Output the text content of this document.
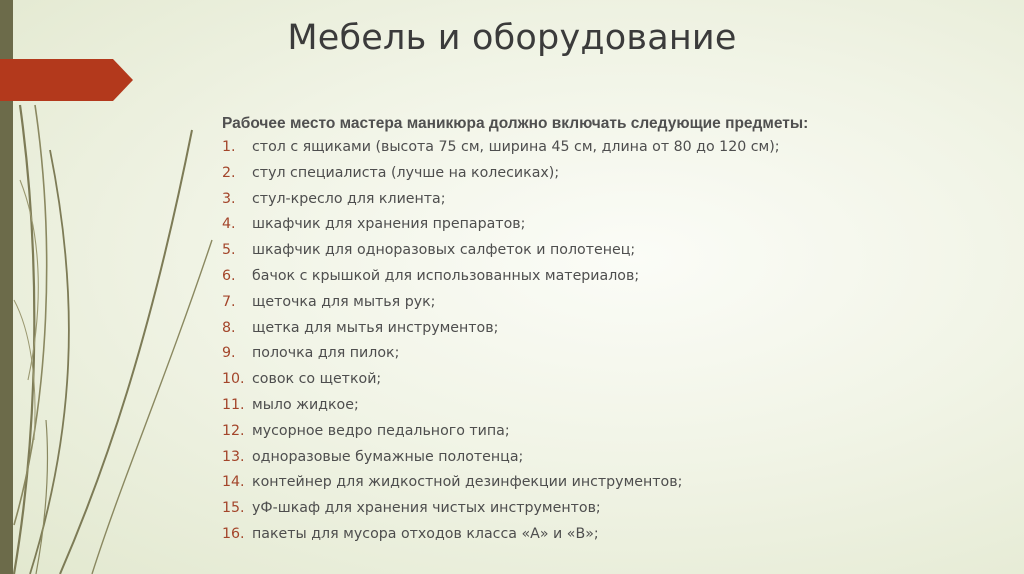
Мебель и оборудование

Рабочее место мастера маникюра должно включать следующие предметы:

1.	стол с ящиками (высота 75 см, ширина 45 см, длина от 80 до 120 см);
2.	стул специалиста (лучше на колесиках);
3.	стул-кресло для клиента;
4.	шкафчик для хранения препаратов;
5.	шкафчик для одноразовых салфеток и полотенец;
6.	бачок с крышкой для использованных материалов;
7.	щеточка для мытья рук;
8.	щетка для мытья инструментов;
9.	полочка для пилок;
10. совок со щеткой;
11. мыло жидкое;
12. мусорное ведро педального типа;
13. одноразовые бумажные полотенца;
14. контейнер для жидкостной дезинфекции инструментов;
15. уФ-шкаф для хранения чистых инструментов;
16. пакеты для мусора отходов класса «А» и «В»;
